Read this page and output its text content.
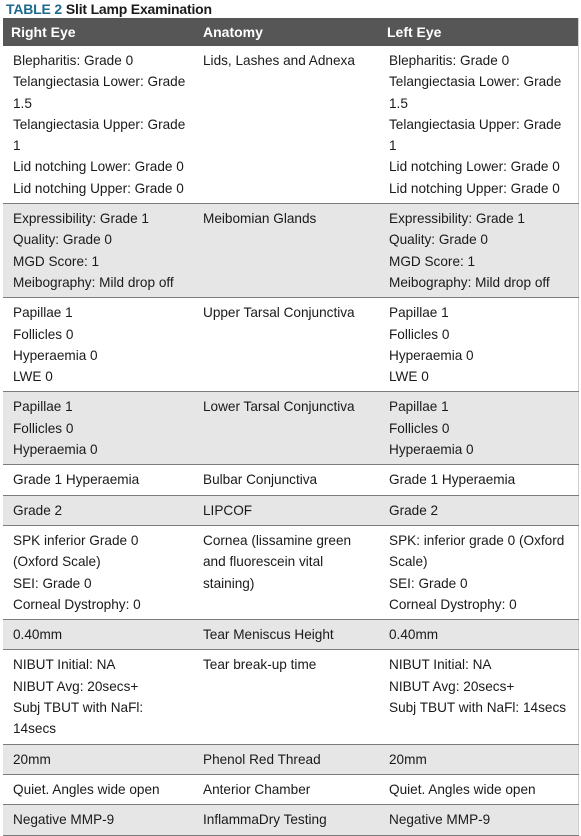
TABLE 2 Slit Lamp Examination
Right Eye	Anatomy	Left Eye

Blepharitis: Grade 0
Telangiectasia Lower: Grade 1.5
Telangiectasia Upper: Grade 1
Lid notching Lower: Grade 0
Lid notching Upper: Grade 0	Lids, Lashes and Adnexa	Blepharitis: Grade 0
Telangiectasia Lower: Grade 1.5
Telangiectasia Upper: Grade 1
Lid notching Lower: Grade 0
Lid notching Upper: Grade 0

Expressibility: Grade 1
Quality: Grade 0
MGD Score: 1
Meibography: Mild drop off	Meibomian Glands	Expressibility: Grade 1
Quality: Grade 0
MGD Score: 1
Meibography: Mild drop off

Papillae 1
Follicles 0
Hyperaemia 0
LWE 0	Upper Tarsal Conjunctiva	Papillae 1
Follicles 0
Hyperaemia 0
LWE 0

Papillae 1
Follicles 0
Hyperaemia 0	Lower Tarsal Conjunctiva	Papillae 1
Follicles 0
Hyperaemia 0

Grade 1 Hyperaemia	Bulbar Conjunctiva	Grade 1 Hyperaemia

Grade 2	LIPCOF	Grade 2

SPK inferior Grade 0 (Oxford Scale)
SEI: Grade 0
Corneal Dystrophy: 0	Cornea (lissamine green and fluorescein vital staining)	SPK: inferior grade 0 (Oxford Scale)
SEI: Grade 0
Corneal Dystrophy: 0

0.40mm	Tear Meniscus Height	0.40mm

NIBUT Initial: NA
NIBUT Avg: 20secs+
Subj TBUT with NaFl: 14secs	Tear break-up time	NIBUT Initial: NA
NIBUT Avg: 20secs+
Subj TBUT with NaFl: 14secs

20mm	Phenol Red Thread	20mm

Quiet. Angles wide open	Anterior Chamber	Quiet. Angles wide open

Negative MMP-9	InflammaDry Testing	Negative MMP-9
